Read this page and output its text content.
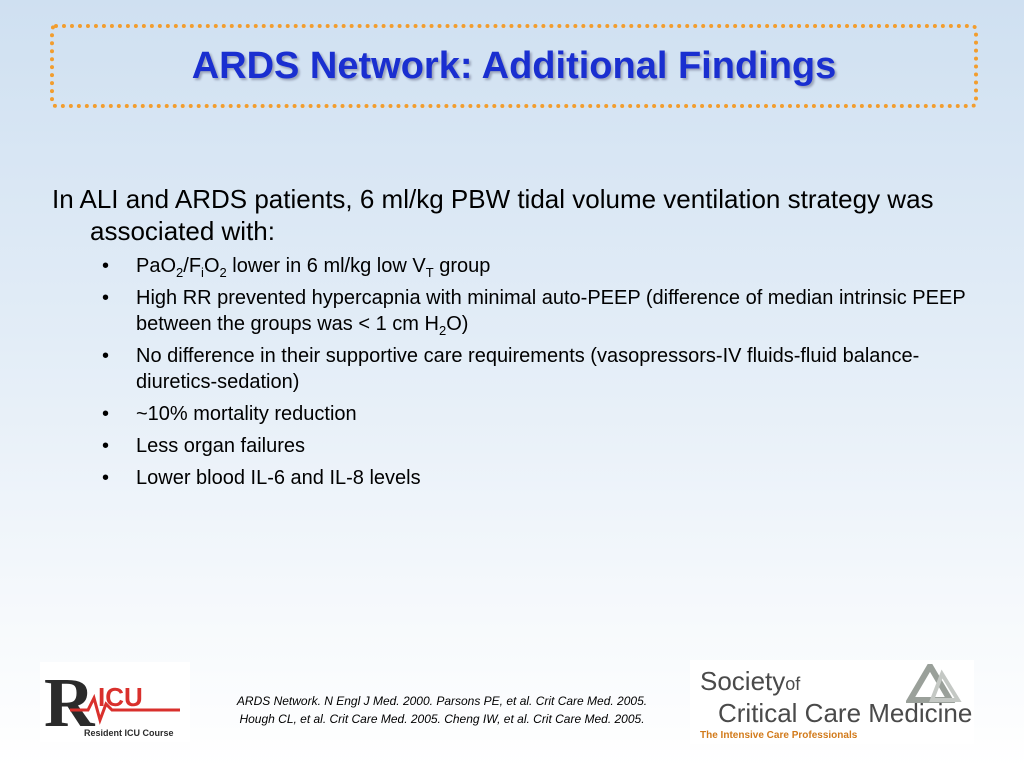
ARDS Network: Additional Findings

In ALI and ARDS patients, 6 ml/kg PBW tidal volume ventilation strategy was associated with:

• $PaO_2/F_iO_2$ lower in 6 ml/kg low $V_T$ group
• High RR prevented hypercapnia with minimal auto-PEEP (difference of median intrinsic PEEP between the groups was < 1 cm $H_2O$)
• No difference in their supportive care requirements (vasopressors-IV fluids-fluid balance-diuretics-sedation)
• ~10% mortality reduction
• Less organ failures
• Lower blood IL-6 and IL-8 levels
R ICU
Resident ICU Course
ARDS Network. N Engl J Med. 2000. Parsons PE, et al. Crit Care Med. 2005.
Hough CL, et al. Crit Care Med. 2005. Cheng IW, et al. Crit Care Med. 2005.
Societyof
Critical Care Medicine
The Intensive Care Professionals
